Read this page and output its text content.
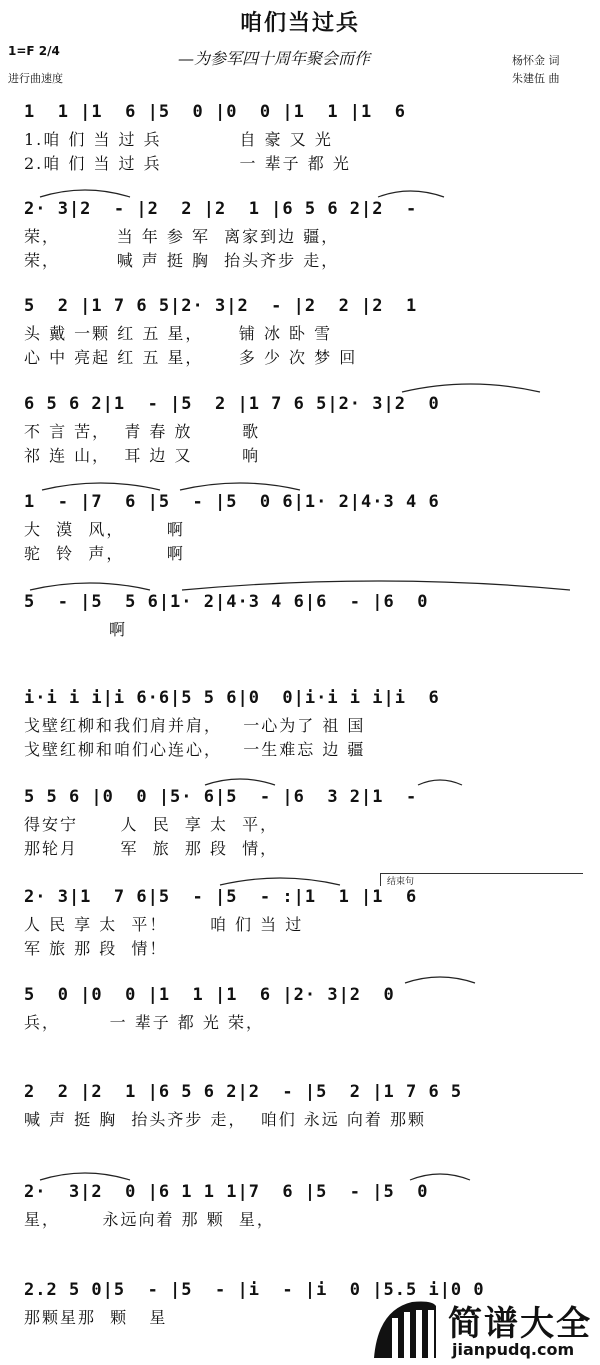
咱们当过兵
—为参军四十周年聚会而作
1=F 2/4
进行曲速度
杨怀金 词
朱建伍 曲
1  1 |1  6 |5  0 |0  0 |1  1 |1  6
1.咱 们 当 过 兵           自 豪 又 光
2.咱 们 当 过 兵           一 辈子 都 光
2· 3|2  - |2  2 |2  1 |6 5 6 2|2  -
荣，        当 年 参 军  离家到边 疆，
荣，        喊 声 挺 胸  抬头齐步 走，
5  2 |1 7 6 5|2· 3|2  - |2  2 |2  1
头 戴 一颗 红 五 星，     铺 冰 卧 雪
心 中 亮起 红 五 星，     多 少 次 梦 回
6 5 6 2|1  - |5  2 |1 7 6 5|2· 3|2  0
不 言 苦，  青 春 放       歌
祁 连 山，  耳 边 又       响
1  - |7  6 |5  - |5  0 6|1· 2|4·3 4 6
大  漠  风，      啊
驼  铃  声，      啊
5  - |5  5 6|1· 2|4·3 4 6|6  - |6  0
啊
i·i i i|i 6·6|5 5 6|0  0|i·i i i|i  6
戈壁红柳和我们肩并肩，   一心为了 祖 国
戈壁红柳和咱们心连心，   一生难忘 边 疆
5 5 6 |0  0 |5· 6|5  - |6  3 2|1  -
得安宁      人  民  享 太  平，
那轮月      军  旅  那 段  情，
结束句
2· 3|1  7 6|5  - |5  - :|1  1 |1  6
人 民 享 太  平！      咱 们 当 过
军 旅 那 段  情！
5  0 |0  0 |1  1 |1  6 |2· 3|2  0
兵，       一 辈子 都 光 荣，
2  2 |2  1 |6 5 6 2|2  - |5  2 |1 7 6 5
喊 声 挺 胸  抬头齐步 走，  咱们 永远 向着 那颗
2·  3|2  0 |6 1 1 1|7  6 |5  - |5  0
星，      永远向着 那 颗  星，
2.2 5 0|5  - |5  - |i  - |i  0 |5.5 i|0 0
那颗星那  颗   星	简谱大全
jianpudq.com
